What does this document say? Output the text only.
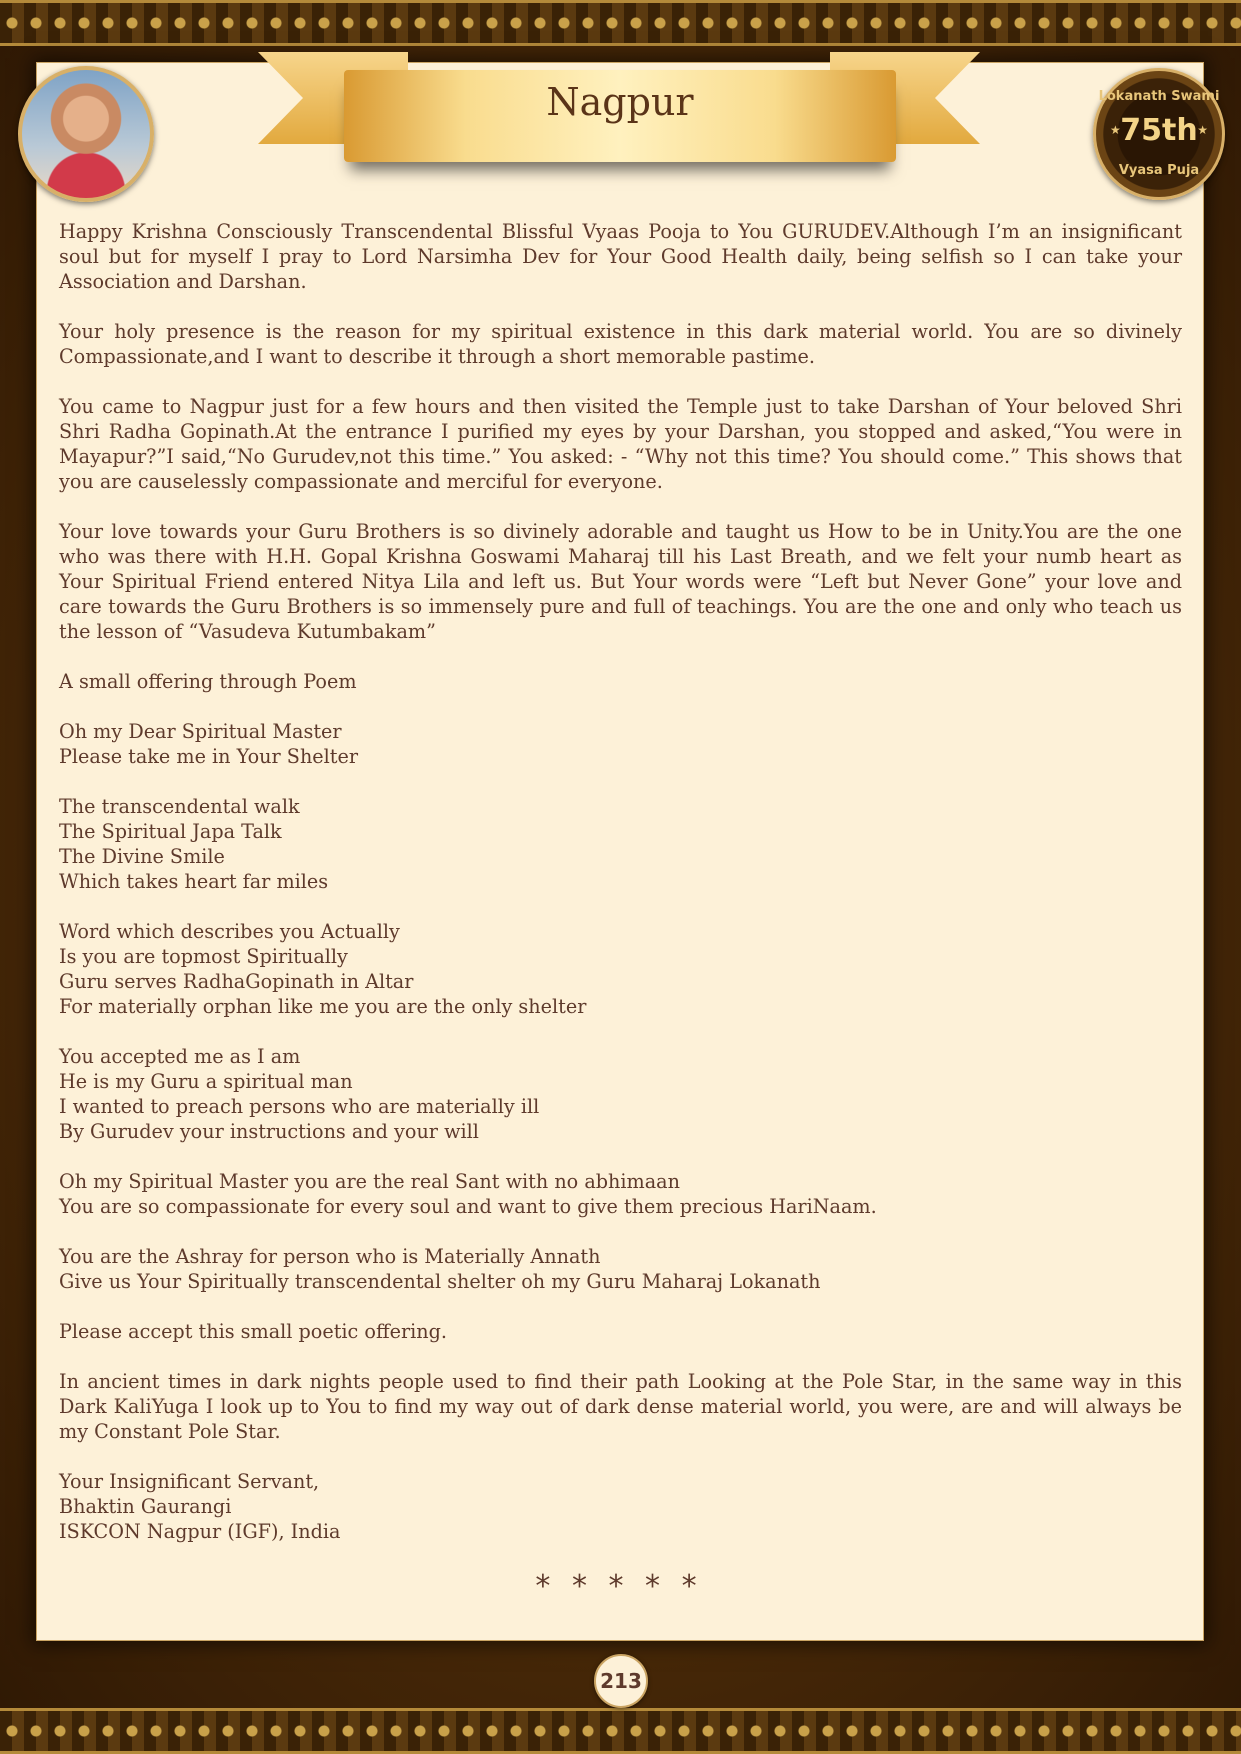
Nagpur	Lokanath Swami
★ 75th ★
Vyasa Puja

Happy Krishna Consciously Transcendental Blissful Vyaas Pooja to You GURUDEV.Although I’m an insignificant soul but for myself I pray to Lord Narsimha Dev for Your Good Health daily, being selfish so I can take your Association and Darshan.

Your holy presence is the reason for my spiritual existence in this dark material world. You are so divinely Compassionate,and I want to describe it through a short memorable pastime.

You came to Nagpur just for a few hours and then visited the Temple just to take Darshan of Your beloved Shri Shri Radha Gopinath.At the entrance I purified my eyes by your Darshan, you stopped and asked,“You were in Mayapur?”I said,“No Gurudev,not this time.” You asked: - “Why not this time? You should come.” This shows that you are causelessly compassionate and merciful for everyone.

Your love towards your Guru Brothers is so divinely adorable and taught us How to be in Unity.You are the one who was there with H.H. Gopal Krishna Goswami Maharaj till his Last Breath, and we felt your numb heart as Your Spiritual Friend entered Nitya Lila and left us. But Your words were “Left but Never Gone” your love and care towards the Guru Brothers is so immensely pure and full of teachings. You are the one and only who teach us the lesson of “Vasudeva Kutumbakam”

A small offering through Poem

Oh my Dear Spiritual Master
Please take me in Your Shelter
The transcendental walk
The Spiritual Japa Talk
The Divine Smile
Which takes heart far miles
Word which describes you Actually
Is you are topmost Spiritually
Guru serves RadhaGopinath in Altar
For materially orphan like me you are the only shelter
You accepted me as I am
He is my Guru a spiritual man
I wanted to preach persons who are materially ill
By Gurudev your instructions and your will
Oh my Spiritual Master you are the real Sant with no abhimaan
You are so compassionate for every soul and want to give them precious HariNaam.
You are the Ashray for person who is Materially Annath
Give us Your Spiritually transcendental shelter oh my Guru Maharaj Lokanath

Please accept this small poetic offering.

In ancient times in dark nights people used to find their path Looking at the Pole Star, in the same way in this Dark KaliYuga I look up to You to find my way out of dark dense material world, you were, are and will always be my Constant Pole Star.

Your Insignificant Servant,
Bhaktin Gaurangi
ISKCON Nagpur (IGF), India
* * * * *
213
